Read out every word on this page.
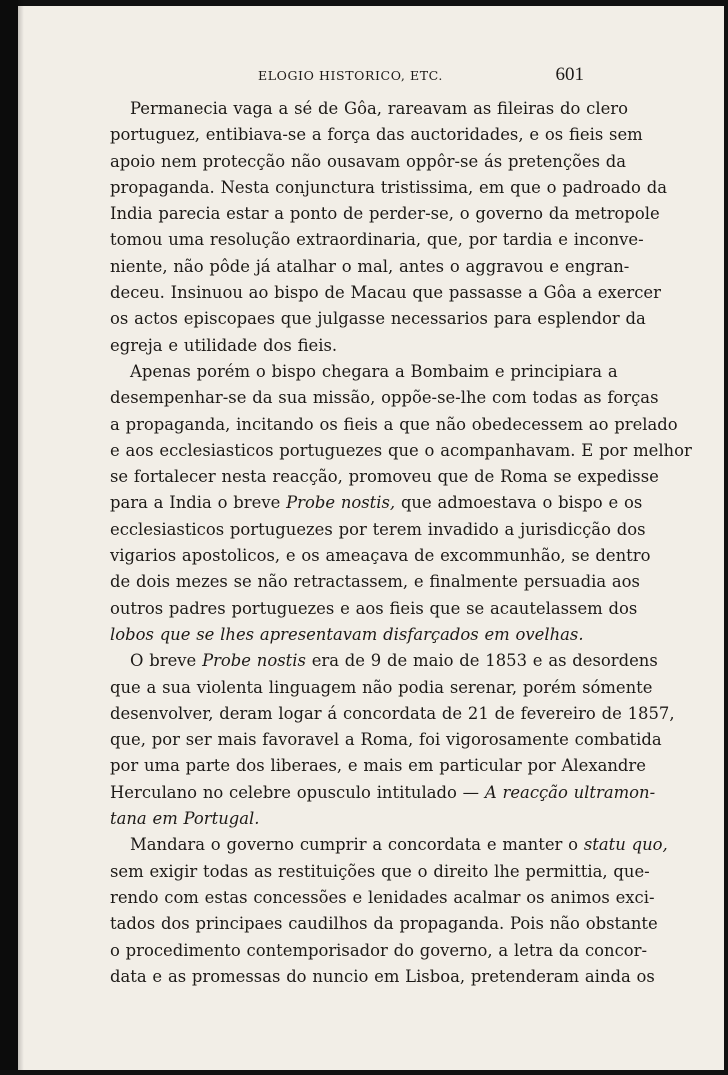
ELOGIO HISTORICO, ETC.	601

Permanecia vaga a sé de Gôa, rareavam as fileiras do clero
portuguez, entibiava-se a força das auctoridades, e os fieis sem
apoio nem protecção não ousavam oppôr-se ás pretenções da
propaganda. Nesta conjunctura tristissima, em que o padroado da
India parecia estar a ponto de perder-se, o governo da metropole
tomou uma resolução extraordinaria, que, por tardia e inconve-
niente, não pôde já atalhar o mal, antes o aggravou e engran-
deceu. Insinuou ao bispo de Macau que passasse a Gôa a exercer
os actos episcopaes que julgasse necessarios para esplendor da
egreja e utilidade dos fieis.

Apenas porém o bispo chegara a Bombaim e principiara a
desempenhar-se da sua missão, oppõe-se-lhe com todas as forças
a propaganda, incitando os fieis a que não obedecessem ao prelado
e aos ecclesiasticos portuguezes que o acompanhavam. E por melhor
se fortalecer nesta reacção, promoveu que de Roma se expedisse
para a India o breve Probe nostis, que admoestava o bispo e os
ecclesiasticos portuguezes por terem invadido a jurisdicção dos
vigarios apostolicos, e os ameaçava de excommunhão, se dentro
de dois mezes se não retractassem, e finalmente persuadia aos
outros padres portuguezes e aos fieis que se acautelassem dos
lobos que se lhes apresentavam disfarçados em ovelhas.

O breve Probe nostis era de 9 de maio de 1853 e as desordens
que a sua violenta linguagem não podia serenar, porém sómente
desenvolver, deram logar á concordata de 21 de fevereiro de 1857,
que, por ser mais favoravel a Roma, foi vigorosamente combatida
por uma parte dos liberaes, e mais em particular por Alexandre
Herculano no celebre opusculo intitulado — A reacção ultramon-
tana em Portugal.

Mandara o governo cumprir a concordata e manter o statu quo,
sem exigir todas as restituições que o direito lhe permittia, que-
rendo com estas concessões e lenidades acalmar os animos exci-
tados dos principaes caudilhos da propaganda. Pois não obstante
o procedimento contemporisador do governo, a letra da concor-
data e as promessas do nuncio em Lisboa, pretenderam ainda os
